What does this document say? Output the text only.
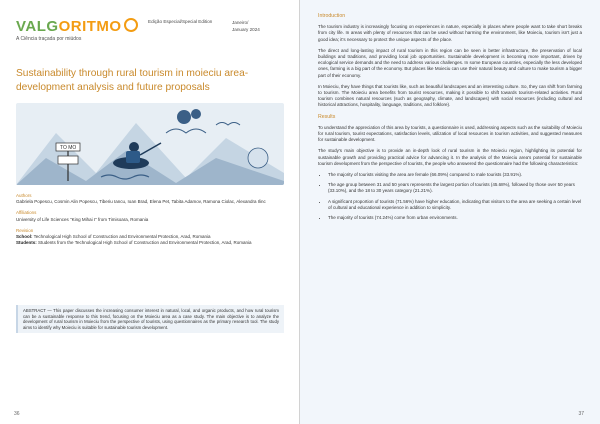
VALGORITMO
A Ciência traçada por miúdos
Edição Especial/Special Edition	Janeiro/
January 2024
Sustainability through rural tourism in moieciu area-development analysis and future proposals
TO MO
Authors
Gabriela Popescu, Cosmin Alin Popescu, Tiberiu Iancu, Ioan Brad, Elena Pet, Tabita Adamov, Ramona Ciolac, Alexandra Ilinc
Affiliations
University of Life Sciences "King Mihai I" from Timisoara, Romania
Revision
School: Technological High School of Construction and Environmental Protection, Arad, Romania
Students: Students from the Technological High School of Construction and Environmental Protection, Arad, Romania
ABSTRACT — This paper discusses the increasing consumer interest in natural, local, and organic products, and how rural tourism can be a sustainable response to this trend, focusing on the Moieciu area as a case study. The main objective is to analyze the development of rural tourism in Moieciu from the perspective of tourists, using questionnaires as the primary research tool. The study aims to identify why Moieciu is suitable for sustainable tourism development.
36
Introduction

The tourism industry is increasingly focusing on experiences in nature, especially in places where people want to take short breaks from city life. In areas with plenty of resources that can be used without harming the environment, like Moieciu, tourism isn't just a good idea; it's necessary to protect the unique aspects of the place.

The direct and long-lasting impact of rural tourism in this region can be seen in better infrastructure, the preservation of local buildings and traditions, and providing local job opportunities. Sustainable development is becoming more important, driven by ecological service demands and the need to address various challenges. In some European countries, especially the less developed ones, farming is a big part of the economy. But places like Moieciu can use their natural beauty and culture to make tourism a bigger part of their economy.

In Moieciu, they have things that tourists like, such as beautiful landscapes and an interesting culture. So, they can shift from farming to tourism. The Moieciu area benefits from tourist resources, making it possible to shift towards tourism-related activities. Rural tourism combines natural resources (such as geography, climate, and landscapes) with social resources (including cultural and historical attractions, hospitality, language, traditions, and folklore).

Results

To understand the appreciation of this area by tourists, a questionnaire is used, addressing aspects such as the suitability of Moieciu for rural tourism, tourist expectations, satisfaction levels, utilization of local resources in tourism activities, and suggested measures for sustainable development.

The study's main objective is to provide an in-depth look of rural tourism in the Moieciu region, highlighting its potential for sustainable growth and providing practical advice for advancing it. In the analysis of the Moieciu area's potential for sustainable tourism development from the perspective of tourists, the people who answered the questionnaire had the following characteristics:

• The majority of tourists visiting the area are female (66.09%) compared to male tourists (33.91%).
• The age group between 31 and 50 years represents the largest portion of tourists (45.68%), followed by those over 50 years (33.10%), and the 18 to 30 years category (21.21%).
• A significant proportion of tourists (71.56%) have higher education, indicating that visitors to the area are seeking a certain level of cultural and educational experience in addition to simplicity.
• The majority of tourists (74.24%) come from urban environments.
37
